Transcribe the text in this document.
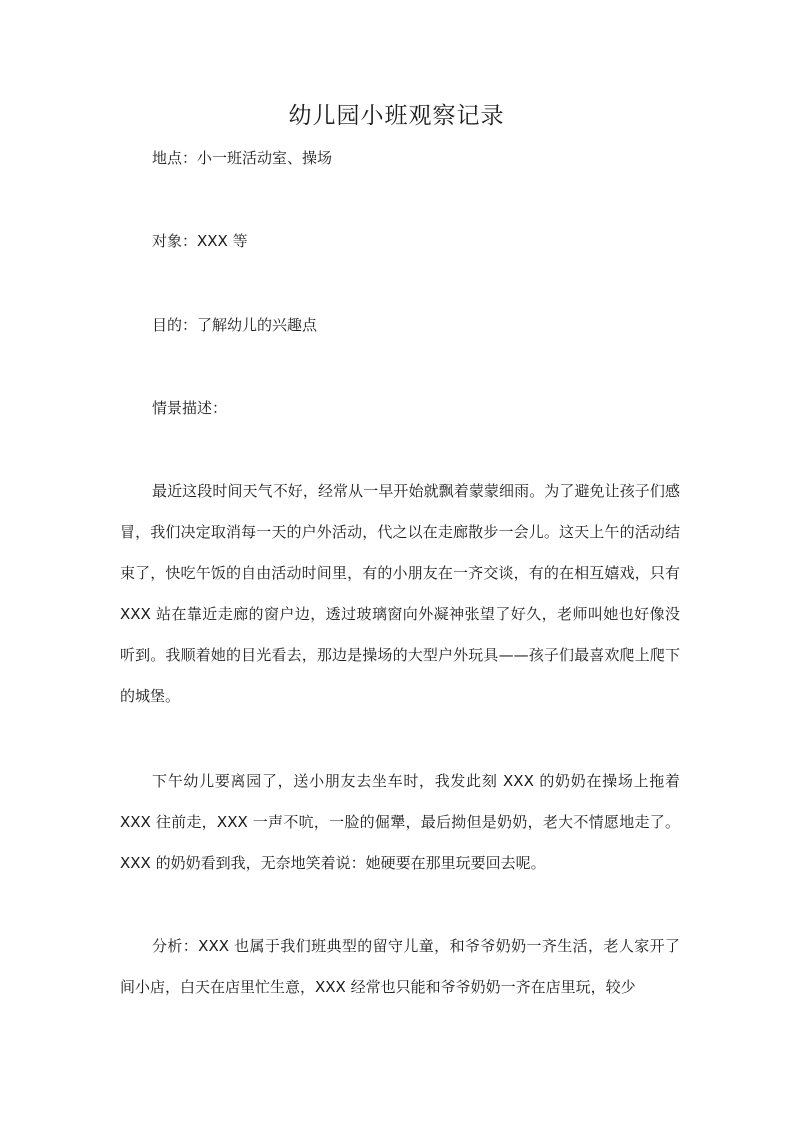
幼儿园小班观察记录
地点：小一班活动室、操场
对象：XXX 等
目的：了解幼儿的兴趣点
情景描述：
最近这段时间天气不好，经常从一早开始就飘着蒙蒙细雨。为了避免让孩子们感冒，我们决定取消每一天的户外活动，代之以在走廊散步一会儿。这天上午的活动结束了，快吃午饭的自由活动时间里，有的小朋友在一齐交谈，有的在相互嬉戏，只有 XXX 站在靠近走廊的窗户边，透过玻璃窗向外凝神张望了好久，老师叫她也好像没听到。我顺着她的目光看去，那边是操场的大型户外玩具——孩子们最喜欢爬上爬下的城堡。
下午幼儿要离园了，送小朋友去坐车时，我发此刻 XXX 的奶奶在操场上拖着 XXX 往前走，XXX 一声不吭，一脸的倔犟，最后拗但是奶奶，老大不情愿地走了。XXX 的奶奶看到我，无奈地笑着说：她硬要在那里玩要回去呢。
分析：XXX 也属于我们班典型的留守儿童，和爷爷奶奶一齐生活，老人家开了间小店，白天在店里忙生意，XXX 经常也只能和爷爷奶奶一齐在店里玩，较少
